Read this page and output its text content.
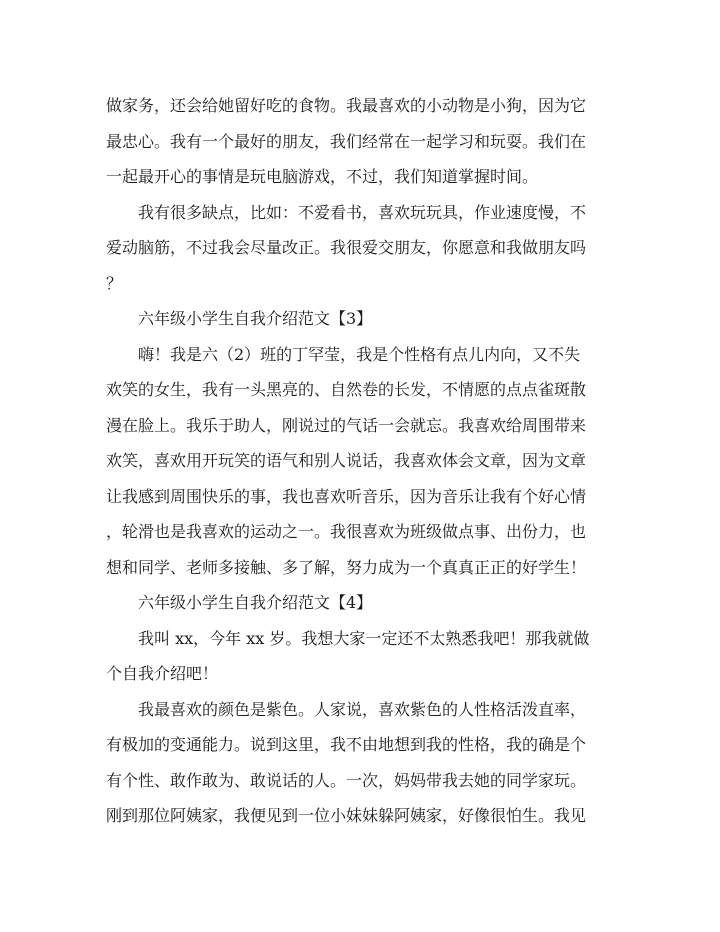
做家务，还会给她留好吃的食物。我最喜欢的小动物是小狗，因为它
最忠心。我有一个最好的朋友，我们经常在一起学习和玩耍。我们在
一起最开心的事情是玩电脑游戏，不过，我们知道掌握时间。
　　我有很多缺点，比如：不爱看书，喜欢玩玩具，作业速度慢，不
爱动脑筋，不过我会尽量改正。我很爱交朋友，你愿意和我做朋友吗
？
　　六年级小学生自我介绍范文【3】
　　嗨！我是六（2）班的丁罕莹，我是个性格有点儿内向，又不失
欢笑的女生，我有一头黑亮的、自然卷的长发，不情愿的点点雀斑散
漫在脸上。我乐于助人，刚说过的气话一会就忘。我喜欢给周围带来
欢笑，喜欢用开玩笑的语气和别人说话，我喜欢体会文章，因为文章
让我感到周围快乐的事，我也喜欢听音乐，因为音乐让我有个好心情
，轮滑也是我喜欢的运动之一。我很喜欢为班级做点事、出份力，也
想和同学、老师多接触、多了解，努力成为一个真真正正的好学生！
　　六年级小学生自我介绍范文【4】
　　我叫 xx，今年 xx 岁。我想大家一定还不太熟悉我吧！那我就做
个自我介绍吧！
　　我最喜欢的颜色是紫色。人家说，喜欢紫色的人性格活泼直率，
有极加的变通能力。说到这里，我不由地想到我的性格，我的确是个
有个性、敢作敢为、敢说话的人。一次，妈妈带我去她的同学家玩。
刚到那位阿姨家，我便见到一位小妹妹躲阿姨家，好像很怕生。我见
